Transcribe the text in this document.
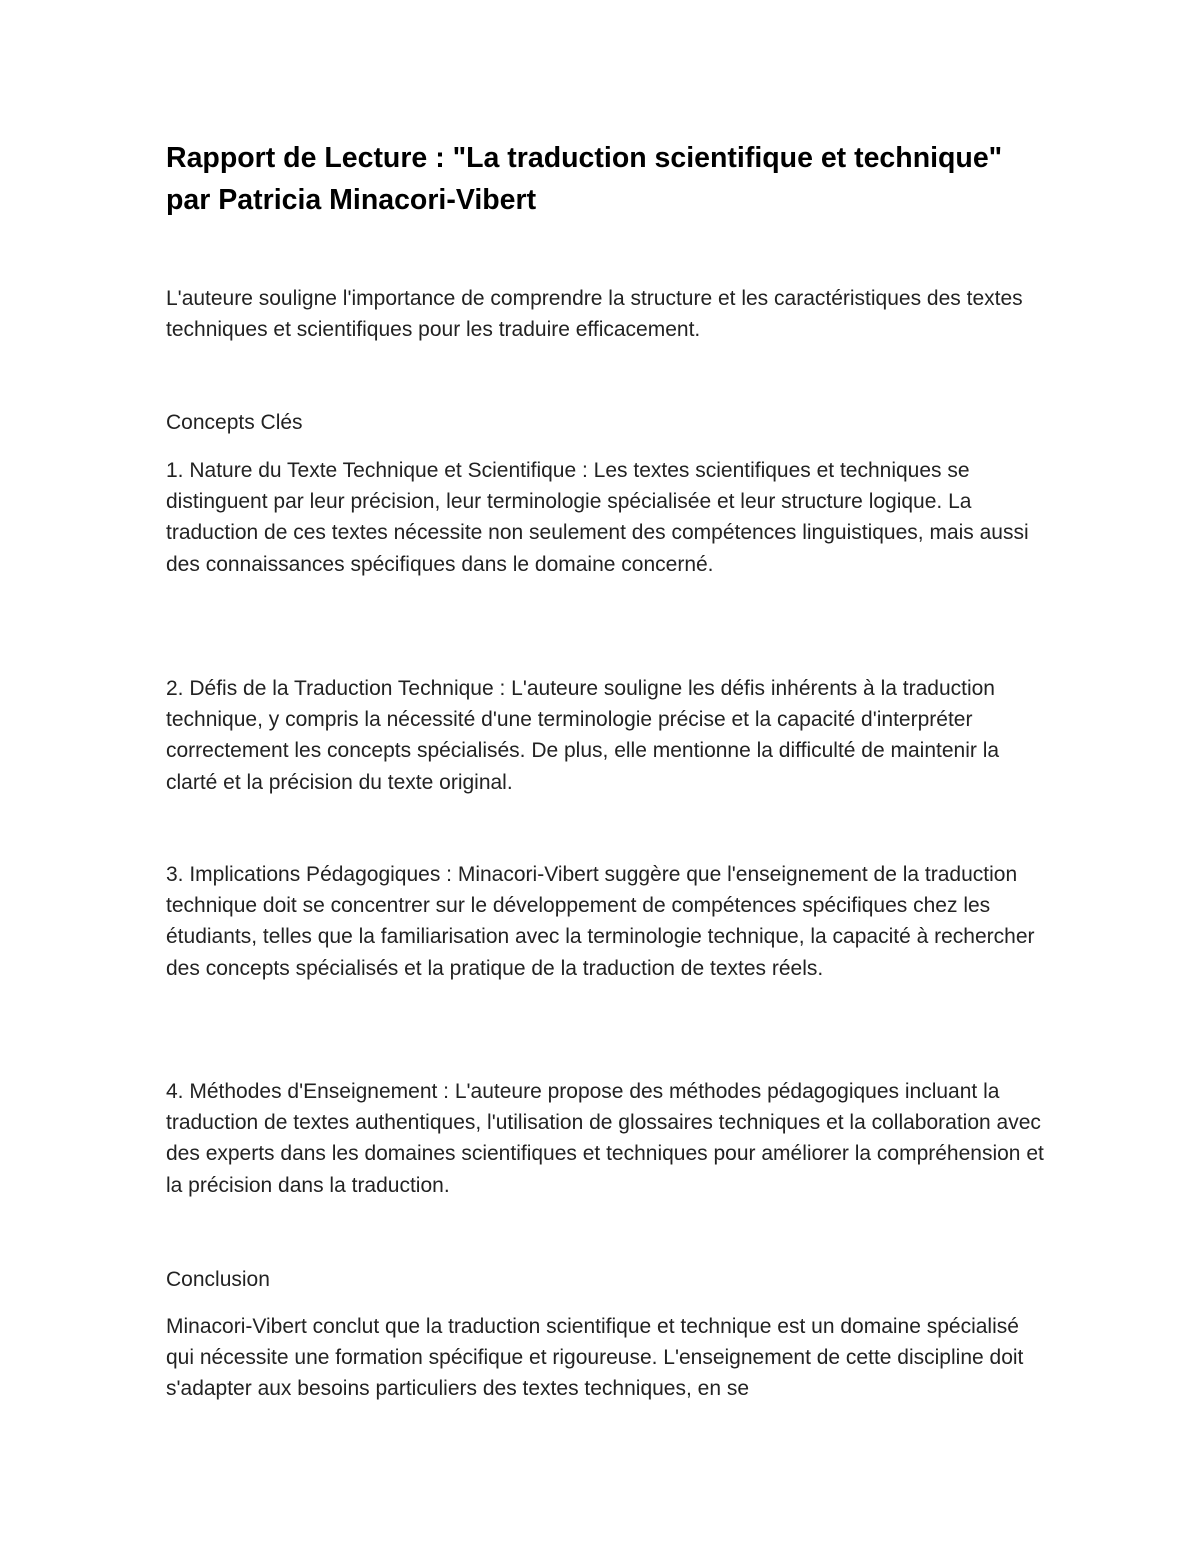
Rapport de Lecture : "La traduction scientifique et technique" par Patricia Minacori-Vibert

L'auteure souligne l'importance de comprendre la structure et les caractéristiques des textes techniques et scientifiques pour les traduire efficacement.

Concepts Clés

1. Nature du Texte Technique et Scientifique : Les textes scientifiques et techniques se distinguent par leur précision, leur terminologie spécialisée et leur structure logique. La traduction de ces textes nécessite non seulement des compétences linguistiques, mais aussi des connaissances spécifiques dans le domaine concerné.

2. Défis de la Traduction Technique : L'auteure souligne les défis inhérents à la traduction technique, y compris la nécessité d'une terminologie précise et la capacité d'interpréter correctement les concepts spécialisés. De plus, elle mentionne la difficulté de maintenir la clarté et la précision du texte original.

3. Implications Pédagogiques : Minacori-Vibert suggère que l'enseignement de la traduction technique doit se concentrer sur le développement de compétences spécifiques chez les étudiants, telles que la familiarisation avec la terminologie technique, la capacité à rechercher des concepts spécialisés et la pratique de la traduction de textes réels.

4. Méthodes d'Enseignement : L'auteure propose des méthodes pédagogiques incluant la traduction de textes authentiques, l'utilisation de glossaires techniques et la collaboration avec des experts dans les domaines scientifiques et techniques pour améliorer la compréhension et la précision dans la traduction.

Conclusion

Minacori-Vibert conclut que la traduction scientifique et technique est un domaine spécialisé qui nécessite une formation spécifique et rigoureuse. L'enseignement de cette discipline doit s'adapter aux besoins particuliers des textes techniques, en se
